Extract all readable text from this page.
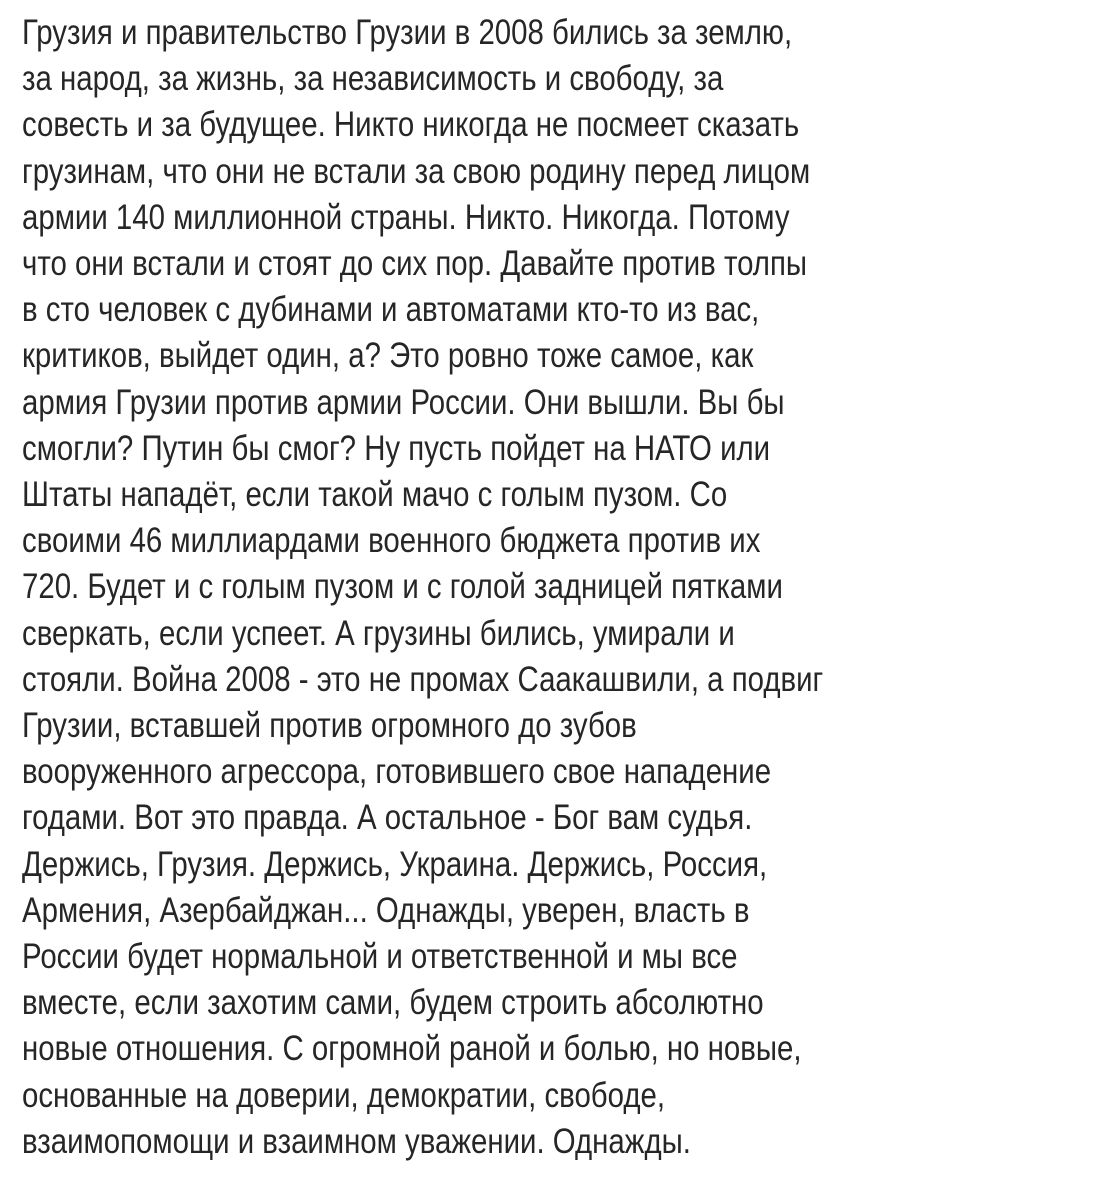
Грузия и правительство Грузии в 2008 бились за землю,
за народ, за жизнь, за независимость и свободу, за
совесть и за будущее. Никто никогда не посмеет сказать
грузинам, что они не встали за свою родину перед лицом
армии 140 миллионной страны. Никто. Никогда. Потому
что они встали и стоят до сих пор. Давайте против толпы
в сто человек с дубинами и автоматами кто-то из вас,
критиков, выйдет один, а? Это ровно тоже самое, как
армия Грузии против армии России. Они вышли. Вы бы
смогли? Путин бы смог? Ну пусть пойдет на НАТО или
Штаты нападёт, если такой мачо с голым пузом. Со
своими 46 миллиардами военного бюджета против их
720. Будет и с голым пузом и с голой задницей пятками
сверкать, если успеет. А грузины бились, умирали и
стояли. Война 2008 - это не промах Саакашвили, а подвиг
Грузии, вставшей против огромного до зубов
вооруженного агрессора, готовившего свое нападение
годами. Вот это правда. А остальное - Бог вам судья.
Держись, Грузия. Держись, Украина. Держись, Россия,
Армения, Азербайджан... Однажды, уверен, власть в
России будет нормальной и ответственной и мы все
вместе, если захотим сами, будем строить абсолютно
новые отношения. С огромной раной и болью, но новые,
основанные на доверии, демократии, свободе,
взаимопомощи и взаимном уважении. Однажды.
